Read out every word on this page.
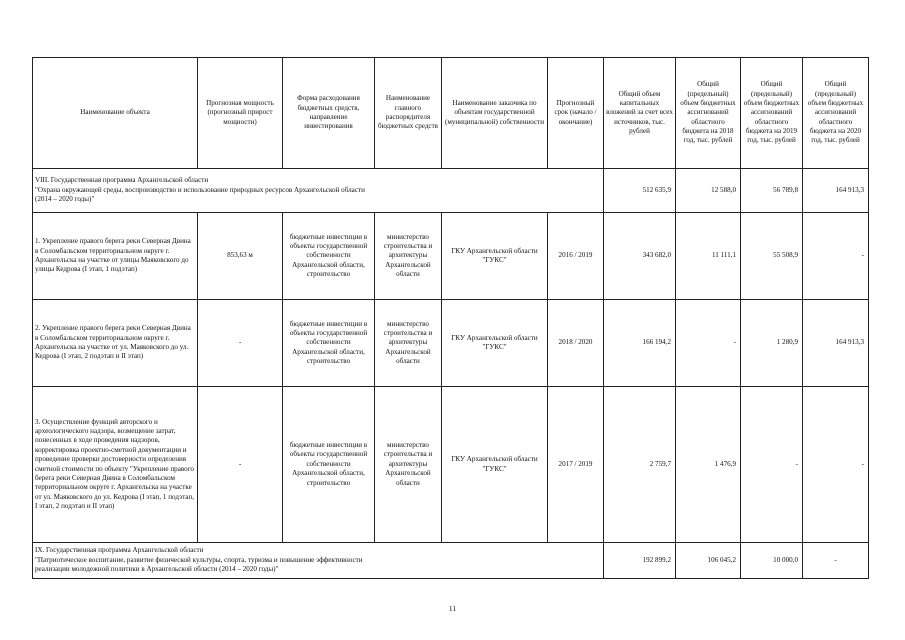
Наименование объекта	Прогнозная мощность (прогнозный прирост мощности)	Форма расходования бюджетных средств, направление инвестирования	Наименование главного распорядителя бюджетных средств	Наименование заказчика по объектам государственной (муниципальной) собственности	Прогнозный срок (начало / окончание)	Общий объем капитальных вложений за счет всех источников, тыс. рублей	Общий (предельный) объем бюджетных ассигнований областного бюджета на 2018 год, тыс. рублей	Общий (предельный) объем бюджетных ассигнований областного бюджета на 2019 год, тыс. рублей	Общий (предельный) объем бюджетных ассигнований областного бюджета на 2020 год, тыс. рублей

VIII. Государственная программа Архангельской области
"Охрана окружающей среды, воспроизводство и использование природных ресурсов Архангельской области
(2014 – 2020 годы)"						512 635,9	12 588,0	56 789,8	164 913,3
1. Укрепление правого берега реки Северная Двина в Соломбальском территориальном округе г. Архангельска на участке от улицы Маяковского до улицы Кедрова (I этап, 1 подэтап)	853,63 м	бюджетные инвестиции в объекты государственной собственности Архангельской области, строительство	министерство строительства и архитектуры Архангельской области	ГКУ Архангельской области "ГУКС"	2016 / 2019	343 682,0	11 111,1	55 508,9	-
2. Укрепление правого берега реки Северная Двина в Соломбальском территориальном округе г. Архангельска на участке от ул. Маяковского до ул. Кедрова (I этап, 2 подэтап и II этап)	-	бюджетные инвестиции в объекты государственной собственности Архангельской области, строительство	министерство строительства и архитектуры Архангельской области	ГКУ Архангельской области "ГУКС"	2018 / 2020	166 194,2	-	1 280,9	164 913,3
3. Осуществление функций авторского и археологического надзора, возмещение затрат, понесенных в ходе проведения надзоров, корректировка проектно-сметной документации и проведение проверки достоверности определения сметной стоимости по объекту "Укрепление правого берега реки Северная Двина в Соломбальском территориальном округе г. Архангельска на участке от ул. Маяковского до ул. Кедрова (I этап, 1 подэтап, I этап, 2 подэтап и II этап)	-	бюджетные инвестиции в объекты государственной собственности Архангельской области, строительство	министерство строительства и архитектуры Архангельской области	ГКУ Архангельской области "ГУКС"	2017 / 2019	2 759,7	1 476,9	-	-

IX. Государственная программа Архангельской области
"Патриотическое воспитание, развитие физической культуры, спорта, туризма и повышение эффективности
реализации молодежной политики в Архангельской области (2014 – 2020 годы)"						192 899,2	106 045,2	10 000,0	-
11
